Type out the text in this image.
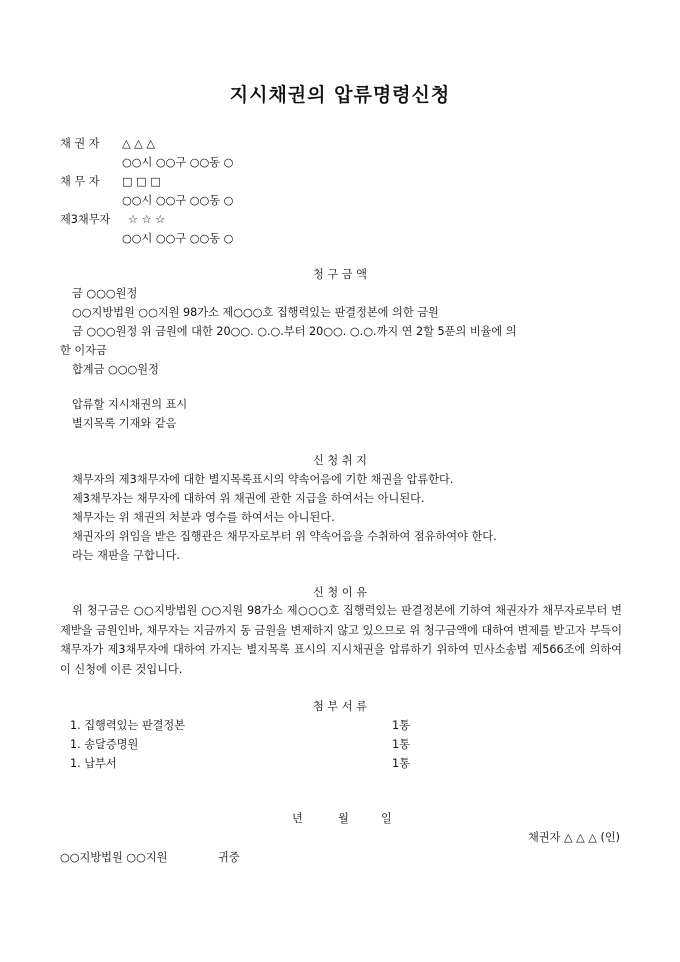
지시채권의 압류명령신청
채 권 자 △ △ △
○○시 ○○구 ○○동 ○
채 무 자 □ □ □
○○시 ○○구 ○○동 ○
제3채무자 ☆ ☆ ☆
○○시 ○○구 ○○동 ○
청 구 금 액
금 ○○○원정
○○지방법원 ○○지원 98가소 제○○○호 집행력있는 판결정본에 의한 금원
금 ○○○원정 위 금원에 대한 20○○. ○.○.부터 20○○. ○.○.까지 연 2할 5푼의 비율에 의
한 이자금
합계금 ○○○원정
압류할 지시채권의 표시
별지목록 기재와 같음
신 청 취 지
채무자의 제3채무자에 대한 별지목록표시의 약속어음에 기한 채권을 압류한다.
제3채무자는 채무자에 대하여 위 채권에 관한 지급을 하여서는 아니된다.
채무자는 위 채권의 처분과 영수를 하여서는 아니된다.
채권자의 위임을 받은 집행관은 채무자로부터 위 약속어음을 수취하여 점유하여야 한다.
라는 재판을 구합니다.
신 청 이 유
위 청구금은 ○○지방법원 ○○지원 98가소 제○○○호 집행력있는 판결정본에 기하여 채권자가 채무자로부터 변제받을 금원인바, 채무자는 지금까지 동 금원을 변제하지 않고 있으므로 위 청구금액에 대하여 변제를 받고자 부득이 채무자가 제3채무자에 대하여 가지는 별지목록 표시의 지시채권을 압류하기 위하여 민사소송법 제566조에 의하여 이 신청에 이른 것입니다.
첨 부 서 류
1. 집행력있는 판결정본	1통
1. 송달증명원	1통
1. 납부서	1통
년	월	일
채권자 △ △ △ (인)
○○지방법원 ○○지원	귀중
